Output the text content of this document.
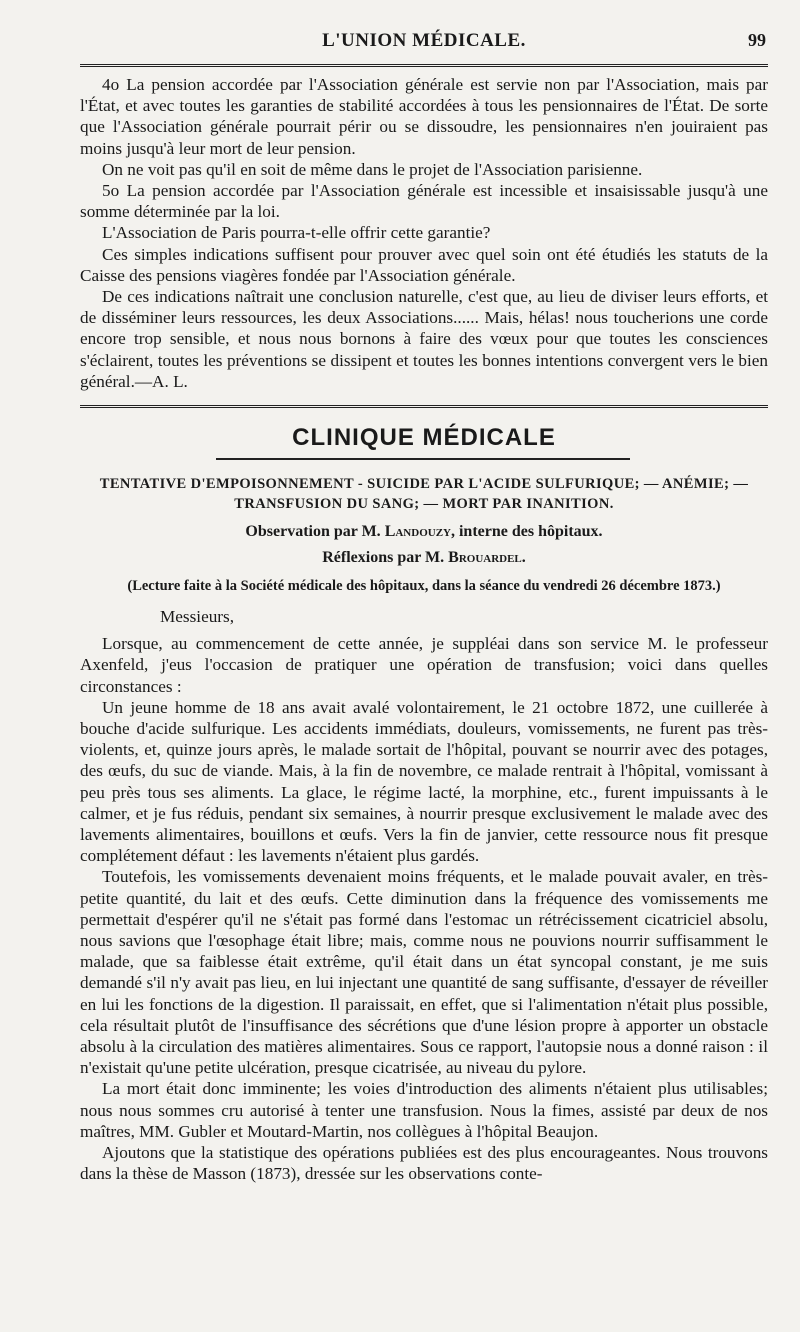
L'UNION MÉDICALE.	99

4o La pension accordée par l'Association générale est servie non par l'Association, mais par l'État, et avec toutes les garanties de stabilité accordées à tous les pensionnaires de l'État. De sorte que l'Association générale pourrait périr ou se dissoudre, les pensionnaires n'en jouiraient pas moins jusqu'à leur mort de leur pension.

On ne voit pas qu'il en soit de même dans le projet de l'Association parisienne.

5o La pension accordée par l'Association générale est incessible et insaisissable jusqu'à une somme déterminée par la loi.

L'Association de Paris pourra-t-elle offrir cette garantie?

Ces simples indications suffisent pour prouver avec quel soin ont été étudiés les statuts de la Caisse des pensions viagères fondée par l'Association générale.

De ces indications naîtrait une conclusion naturelle, c'est que, au lieu de diviser leurs efforts, et de disséminer leurs ressources, les deux Associations...... Mais, hélas! nous toucherions une corde encore trop sensible, et nous nous bornons à faire des vœux pour que toutes les consciences s'éclairent, toutes les préventions se dissipent et toutes les bonnes intentions convergent vers le bien général.—A. L.

CLINIQUE MÉDICALE
TENTATIVE D'EMPOISONNEMENT - SUICIDE PAR L'ACIDE SULFURIQUE; — ANÉMIE; —
TRANSFUSION DU SANG; — MORT PAR INANITION.
Observation par M. Landouzy, interne des hôpitaux.
Réflexions par M. Brouardel.
(Lecture faite à la Société médicale des hôpitaux, dans la séance du vendredi 26 décembre 1873.)

Messieurs,

Lorsque, au commencement de cette année, je suppléai dans son service M. le professeur Axenfeld, j'eus l'occasion de pratiquer une opération de transfusion; voici dans quelles circonstances :

Un jeune homme de 18 ans avait avalé volontairement, le 21 octobre 1872, une cuillerée à bouche d'acide sulfurique. Les accidents immédiats, douleurs, vomissements, ne furent pas très-violents, et, quinze jours après, le malade sortait de l'hôpital, pouvant se nourrir avec des potages, des œufs, du suc de viande. Mais, à la fin de novembre, ce malade rentrait à l'hôpital, vomissant à peu près tous ses aliments. La glace, le régime lacté, la morphine, etc., furent impuissants à le calmer, et je fus réduis, pendant six semaines, à nourrir presque exclusivement le malade avec des lavements alimentaires, bouillons et œufs. Vers la fin de janvier, cette ressource nous fit presque complétement défaut : les lavements n'étaient plus gardés.

Toutefois, les vomissements devenaient moins fréquents, et le malade pouvait avaler, en très-petite quantité, du lait et des œufs. Cette diminution dans la fréquence des vomissements me permettait d'espérer qu'il ne s'était pas formé dans l'estomac un rétrécissement cicatriciel absolu, nous savions que l'œsophage était libre; mais, comme nous ne pouvions nourrir suffisamment le malade, que sa faiblesse était extrême, qu'il était dans un état syncopal constant, je me suis demandé s'il n'y avait pas lieu, en lui injectant une quantité de sang suffisante, d'essayer de réveiller en lui les fonctions de la digestion. Il paraissait, en effet, que si l'alimentation n'était plus possible, cela résultait plutôt de l'insuffisance des sécrétions que d'une lésion propre à apporter un obstacle absolu à la circulation des matières alimentaires. Sous ce rapport, l'autopsie nous a donné raison : il n'existait qu'une petite ulcération, presque cicatrisée, au niveau du pylore.

La mort était donc imminente; les voies d'introduction des aliments n'étaient plus utilisables; nous nous sommes cru autorisé à tenter une transfusion. Nous la fimes, assisté par deux de nos maîtres, MM. Gubler et Moutard-Martin, nos collègues à l'hôpital Beaujon.

Ajoutons que la statistique des opérations publiées est des plus encourageantes. Nous trouvons dans la thèse de Masson (1873), dressée sur les observations conte-
